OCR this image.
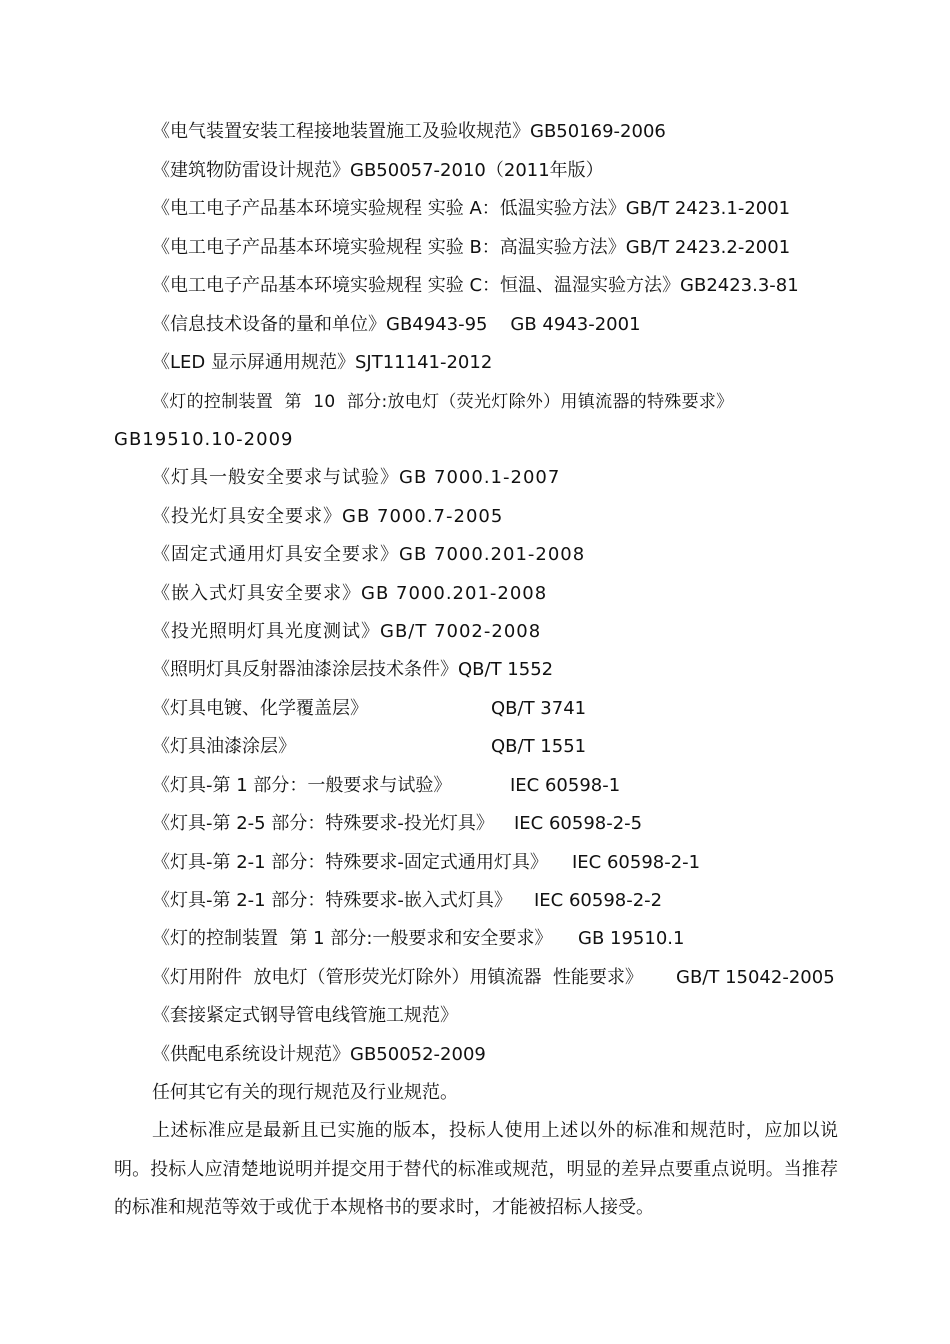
《电气装置安装工程接地装置施工及验收规范》GB50169-2006
《建筑物防雷设计规范》GB50057-2010（2011年版）
《电工电子产品基本环境实验规程 实验 A：低温实验方法》GB/T 2423.1-2001
《电工电子产品基本环境实验规程 实验 B：高温实验方法》GB/T 2423.2-2001
《电工电子产品基本环境实验规程 实验 C：恒温、温湿实验方法》GB2423.3-81
《信息技术设备的量和单位》GB4943-95    GB 4943-2001
《LED 显示屏通用规范》SJT11141-2012
《灯的控制装置  第  10  部分:放电灯（荧光灯除外）用镇流器的特殊要求》
GB19510.10-2009
《灯具一般安全要求与试验》GB 7000.1-2007
《投光灯具安全要求》GB 7000.7-2005
《固定式通用灯具安全要求》GB 7000.201-2008
《嵌入式灯具安全要求》GB 7000.201-2008
《投光照明灯具光度测试》GB/T 7002-2008
《照明灯具反射器油漆涂层技术条件》QB/T 1552
《灯具电镀、化学覆盖层》	QB/T 3741
《灯具油漆涂层》	QB/T 1551
《灯具-第 1 部分：一般要求与试验》	IEC 60598-1
《灯具-第 2-5 部分：特殊要求-投光灯具》 IEC 60598-2-5
《灯具-第 2-1 部分：特殊要求-固定式通用灯具》 IEC 60598-2-1
《灯具-第 2-1 部分：特殊要求-嵌入式灯具》 IEC 60598-2-2
《灯的控制装置  第 1 部分:一般要求和安全要求》 GB 19510.1
《灯用附件  放电灯（管形荧光灯除外）用镇流器  性能要求》 GB/T 15042-2005
《套接紧定式钢导管电线管施工规范》
《供配电系统设计规范》GB50052-2009
任何其它有关的现行规范及行业规范。
上述标准应是最新且已实施的版本，投标人使用上述以外的标准和规范时，应加以说明。投标人应清楚地说明并提交用于替代的标准或规范，明显的差异点要重点说明。当推荐的标准和规范等效于或优于本规格书的要求时，才能被招标人接受。
